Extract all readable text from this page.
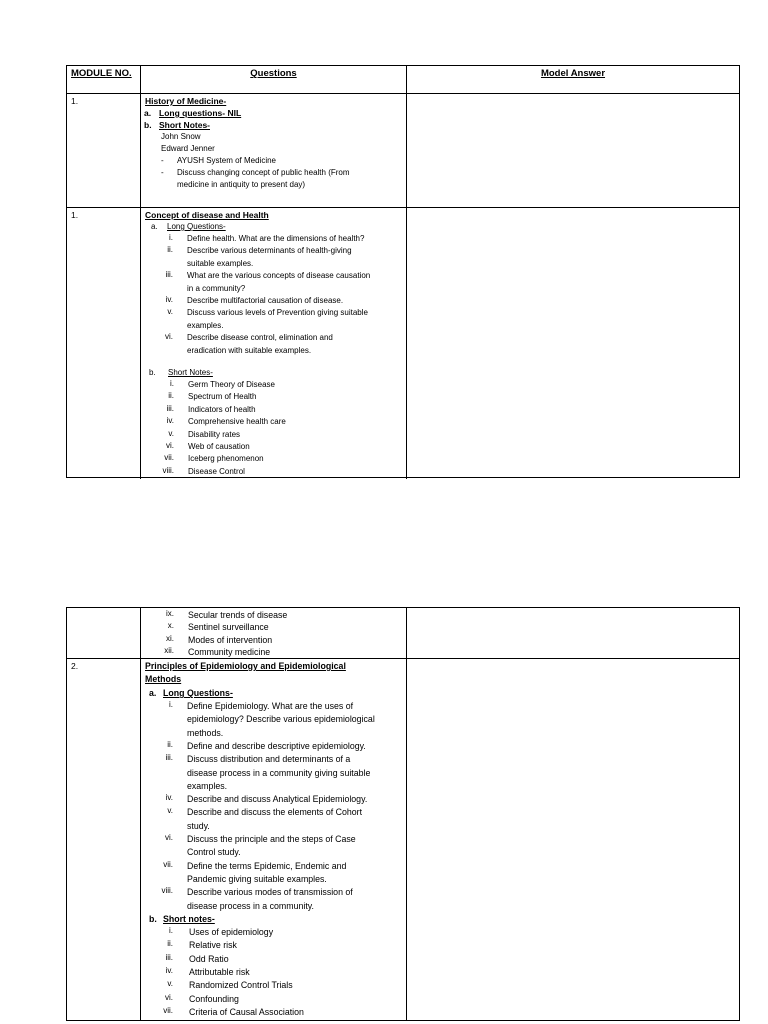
MODULE NO.	Questions	Model Answer
1.	History of Medicine-
a. Long questions- NIL
b. Short Notes-
John Snow
Edward Jenner
- AYUSH System of Medicine
- Discuss changing concept of public health (From
medicine in antiquity to present day)
1.	Concept of disease and Health
a. Long Questions-
i. Define health. What are the dimensions of health?
ii. Describe various determinants of health-giving
suitable examples.
iii. What are the various concepts of disease causation
in a community?
iv. Describe multifactorial causation of disease.
v. Discuss various levels of Prevention giving suitable
examples.
vi. Describe disease control, elimination and
eradication with suitable examples.
b. Short Notes-
i. Germ Theory of Disease
ii. Spectrum of Health
iii. Indicators of health
iv. Comprehensive health care
v. Disability rates
vi. Web of causation
vii. Iceberg phenomenon
viii. Disease Control
ix. Secular trends of disease
x. Sentinel surveillance
xi. Modes of intervention
xii. Community medicine
2.	Principles of Epidemiology and Epidemiological
Methods
a. Long Questions-
i. Define Epidemiology. What are the uses of
epidemiology? Describe various epidemiological
methods.
ii. Define and describe descriptive epidemiology.
iii. Discuss distribution and determinants of a
disease process in a community giving suitable
examples.
iv. Describe and discuss Analytical Epidemiology.
v. Describe and discuss the elements of Cohort
study.
vi. Discuss the principle and the steps of Case
Control study.
vii. Define the terms Epidemic, Endemic and
Pandemic giving suitable examples.
viii. Describe various modes of transmission of
disease process in a community.
b. Short notes-
i. Uses of epidemiology
ii. Relative risk
iii. Odd Ratio
iv. Attributable risk
v. Randomized Control Trials
vi. Confounding
vii. Criteria of Causal Association
